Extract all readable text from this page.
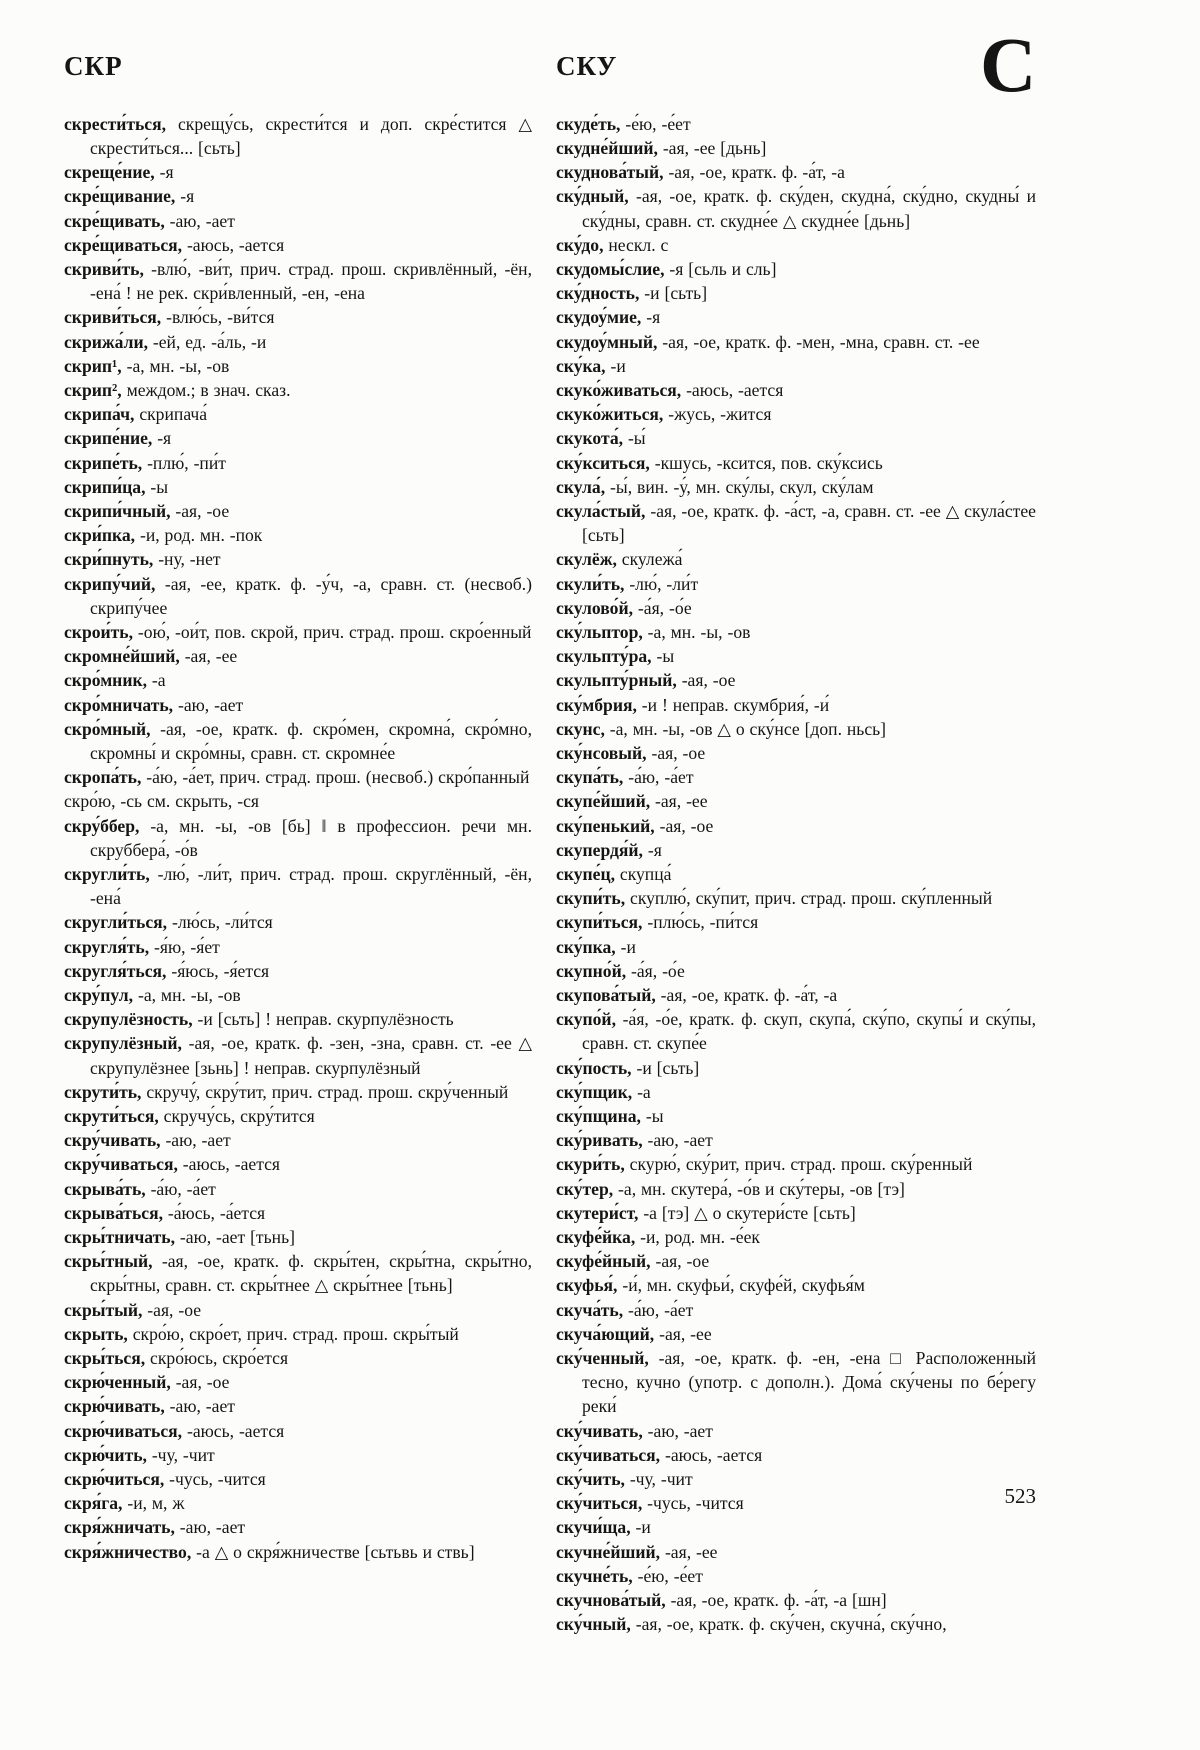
C

СКР

скрести́ться, скрещу́сь, скрести́тся и доп. скре́стится △ скрести́ться... [сьть]

скреще́ние, -я

скре́щивание, -я

скре́щивать, -аю, -ает

скре́щиваться, -аюсь, -ается

скриви́ть, -влю́, -ви́т, прич. страд. прош. скривлённый, -ён, -ена́ ! не рек. скри́вленный, -ен, -ена

скриви́ться, -влю́сь, -ви́тся

скрижа́ли, -ей, ед. -а́ль, -и

скрип¹, -а, мн. -ы, -ов

скрип², междом.; в знач. сказ.

скрипа́ч, скрипача́

скрипе́ние, -я

скрипе́ть, -плю́, -пи́т

скрипи́ца, -ы

скрипи́чный, -ая, -ое

скри́пка, -и, род. мн. -пок

скри́пнуть, -ну, -нет

скрипу́чий, -ая, -ее, кратк. ф. -у́ч, -а, сравн. ст. (несвоб.) скрипу́чее

скрои́ть, -ою́, -ои́т, пов. скрой, прич. страд. прош. скро́енный

скромне́йший, -ая, -ее

скро́мник, -а

скро́мничать, -аю, -ает

скро́мный, -ая, -ое, кратк. ф. скро́мен, скромна́, скро́мно, скромны́ и скро́мны, сравн. ст. скромне́е

скропа́ть, -а́ю, -а́ет, прич. страд. прош. (несвоб.) скро́панный

скро́ю, -сь см. скрыть, -ся

скру́ббер, -а, мн. -ы, -ов [бь] ‖ в профессион. речи мн. скруббера́, -о́в

скругли́ть, -лю́, -ли́т, прич. страд. прош. скруглённый, -ён, -ена́

скругли́ться, -лю́сь, -ли́тся

скругля́ть, -я́ю, -я́ет

скругля́ться, -я́юсь, -я́ется

скру́пул, -а, мн. -ы, -ов

скрупулёзность, -и [сьть] ! неправ. скурпулёзность

скрупулёзный, -ая, -ое, кратк. ф. -зен, -зна, сравн. ст. -ее △ скрупулёзнее [зьнь] ! неправ. скурпулёзный

скрути́ть, скручу́, скру́тит, прич. страд. прош. скру́ченный

скрути́ться, скручу́сь, скру́тится

скру́чивать, -аю, -ает

скру́чиваться, -аюсь, -ается

скрыва́ть, -а́ю, -а́ет

скрыва́ться, -а́юсь, -а́ется

скры́тничать, -аю, -ает [тьнь]

скры́тный, -ая, -ое, кратк. ф. скры́тен, скры́тна, скры́тно, скры́тны, сравн. ст. скры́тнее △ скры́тнее [тьнь]

скры́тый, -ая, -ое

скрыть, скро́ю, скро́ет, прич. страд. прош. скры́тый

скры́ться, скро́юсь, скро́ется

скрю́ченный, -ая, -ое

скрю́чивать, -аю, -ает

скрю́чиваться, -аюсь, -ается

скрю́чить, -чу, -чит

скрю́читься, -чусь, -чится

скря́га, -и, м, ж

скря́жничать, -аю, -ает

скря́жничество, -а △ о скря́жничестве [сьтьвь и ствь]

СКУ

скуде́ть, -е́ю, -е́ет

скудне́йший, -ая, -ее [дьнь]

скуднова́тый, -ая, -ое, кратк. ф. -а́т, -а

ску́дный, -ая, -ое, кратк. ф. ску́ден, скудна́, ску́дно, скудны́ и ску́дны, сравн. ст. скудне́е △ скудне́е [дьнь]

ску́до, нескл. с

скудомы́слие, -я [сьль и сль]

ску́дность, -и [сьть]

скудоу́мие, -я

скудоу́мный, -ая, -ое, кратк. ф. -мен, -мна, сравн. ст. -ее

ску́ка, -и

скуко́живаться, -аюсь, -ается

скуко́житься, -жусь, -жится

скукота́, -ы́

ску́кситься, -кшусь, -ксится, пов. ску́ксись

скула́, -ы́, вин. -у́, мн. ску́лы, скул, ску́лам

скула́стый, -ая, -ое, кратк. ф. -а́ст, -а, сравн. ст. -ее △ скула́стее [сьть]

скулёж, скулежа́

скули́ть, -лю́, -ли́т

скулово́й, -а́я, -о́е

ску́льптор, -а, мн. -ы, -ов

скульпту́ра, -ы

скульпту́рный, -ая, -ое

ску́мбрия, -и ! неправ. скумбрия́, -и́

скунс, -а, мн. -ы, -ов △ о ску́нсе [доп. ньсь]

ску́нсовый, -ая, -ое

скупа́ть, -а́ю, -а́ет

скупе́йший, -ая, -ее

ску́пенький, -ая, -ое

скупердя́й, -я

скупе́ц, скупца́

скупи́ть, скуплю́, ску́пит, прич. страд. прош. ску́пленный

скупи́ться, -плю́сь, -пи́тся

ску́пка, -и

скупно́й, -а́я, -о́е

скупова́тый, -ая, -ое, кратк. ф. -а́т, -а

скупо́й, -а́я, -о́е, кратк. ф. скуп, скупа́, ску́по, скупы́ и ску́пы, сравн. ст. скупе́е

ску́пость, -и [сьть]

ску́пщик, -а

ску́пщина, -ы

ску́ривать, -аю, -ает

скури́ть, скурю́, ску́рит, прич. страд. прош. ску́ренный

ску́тер, -а, мн. скутера́, -о́в и ску́теры, -ов [тэ]

скутери́ст, -а [тэ] △ о скутери́сте [сьть]

скуфе́йка, -и, род. мн. -е́ек

скуфе́йный, -ая, -ое

скуфья́, -и́, мн. скуфьи́, скуфе́й, скуфья́м

скуча́ть, -а́ю, -а́ет

скуча́ющий, -ая, -ее

ску́ченный, -ая, -ое, кратк. ф. -ен, -ена □ Расположенный тесно, кучно (употр. с дополн.). Дома́ ску́чены по бе́регу реки́

ску́чивать, -аю, -ает

ску́чиваться, -аюсь, -ается

ску́чить, -чу, -чит

ску́читься, -чусь, -чится

скучи́ща, -и

скучне́йший, -ая, -ее

скучне́ть, -е́ю, -е́ет

скучнова́тый, -ая, -ое, кратк. ф. -а́т, -а [шн]

ску́чный, -ая, -ое, кратк. ф. ску́чен, скучна́, ску́чно,

523
